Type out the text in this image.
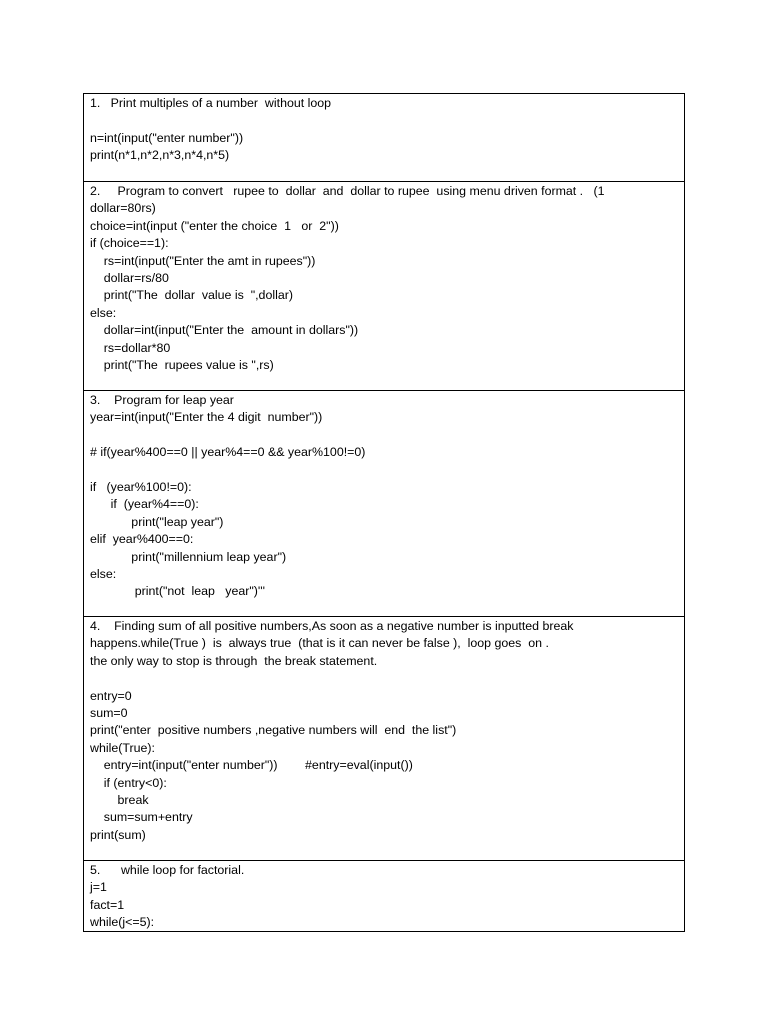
1.   Print multiples of a number  without loop
n=int(input("enter number"))
print(n*1,n*2,n*3,n*4,n*5)
2.     Program to convert   rupee to  dollar  and  dollar to rupee  using menu driven format .   (1
dollar=80rs)
choice=int(input ("enter the choice  1   or  2"))
if (choice==1):
rs=int(input("Enter the amt in rupees"))
dollar=rs/80
print("The  dollar  value is  ",dollar)
else:
dollar=int(input("Enter the  amount in dollars"))
rs=dollar*80
print("The  rupees value is ",rs)
3.    Program for leap year
year=int(input("Enter the 4 digit  number"))
# if(year%400==0 || year%4==0 && year%100!=0)
if   (year%100!=0):
if  (year%4==0):
print("leap year")
elif  year%400==0:
print("millennium leap year")
else:
print("not  leap   year")'''
4.    Finding sum of all positive numbers,As soon as a negative number is inputted break
happens.while(True )  is  always true  (that is it can never be false ),  loop goes  on .
the only way to stop is through  the break statement.
entry=0
sum=0
print("enter  positive numbers ,negative numbers will  end  the list")
while(True):
entry=int(input("enter number"))        #entry=eval(input())
if (entry<0):
break
sum=sum+entry
print(sum)
5.      while loop for factorial.
j=1
fact=1
while(j<=5):
